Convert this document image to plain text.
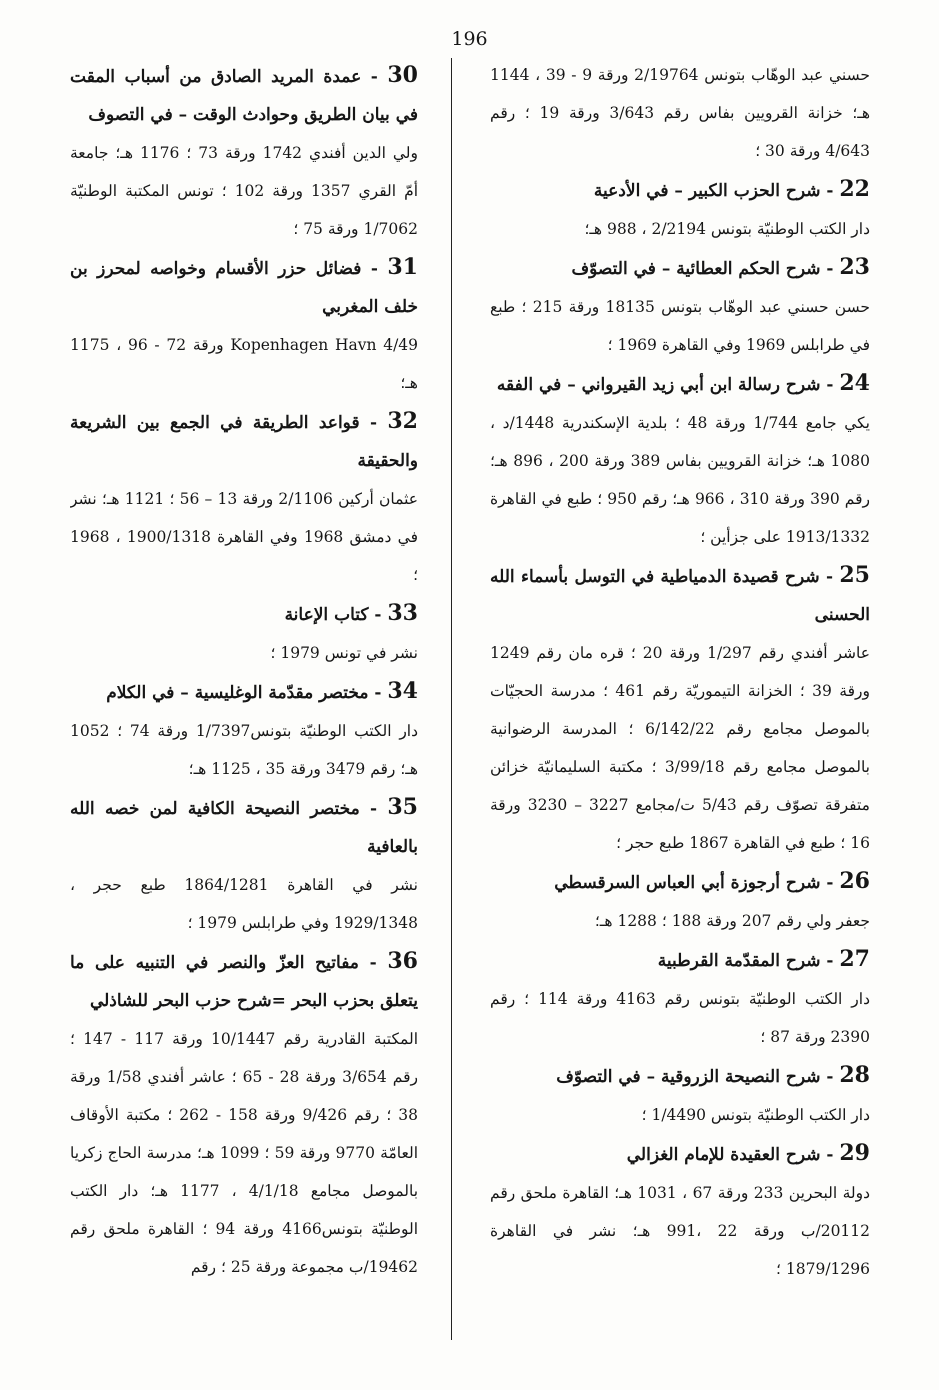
196

حسني عبد الوهّاب بتونس 2/19764 ورقة 9 - 39 ، 1144 هـ؛ خزانة القرويين بفاس رقم 3/643 ورقة 19 ؛ رقم 4/643 ورقة 30 ؛

22 - شرح الحزب الكبير – في الأدعية

دار الكتب الوطنيّة بتونس 2/2194 ، 988 هـ؛

23 - شرح الحكم العطائية – في التصوّف

حسن حسني عبد الوهّاب بتونس 18135 ورقة 215 ؛ طبع في طرابلس 1969 وفي القاهرة 1969 ؛

24 - شرح رسالة ابن أبي زيد القيرواني – في الفقه

يكي جامع 1/744 ورقة 48 ؛ بلدية الإسكندرية 1448/د ، 1080 هـ؛ خزانة القرويين بفاس 389 ورقة 200 ، 896 هـ؛ رقم 390 ورقة 310 ، 966 هـ؛ رقم 950 ؛ طبع في القاهرة 1913/1332 على جزأين ؛

25 - شرح قصيدة الدمياطية في التوسل بأسماء الله الحسنى

عاشر أفندي رقم 1/297 ورقة 20 ؛ قره مان رقم 1249 ورقة 39 ؛ الخزانة التيموريّة رقم 461 ؛ مدرسة الحجيّات بالموصل مجامع رقم 6/142/22 ؛ المدرسة الرضوانية بالموصل مجامع رقم 3/99/18 ؛ مكتبة السليمانيّة خزائن متفرقة تصوّف رقم 5/43 ت/مجامع 3227 – 3230 ورقة 16 ؛ طبع في القاهرة 1867 طبع حجر ؛

26 - شرح أرجوزة أبي العباس السرقسطي

جعفر ولي رقم 207 ورقة 188 ؛ 1288 هـ؛

27 - شرح المقدّمة القرطبية

دار الكتب الوطنيّة بتونس رقم 4163 ورقة 114 ؛ رقم 2390 ورقة 87 ؛

28 - شرح النصيحة الزروقية – في التصوّف

دار الكتب الوطنيّة بتونس 1/4490 ؛

29 - شرح العقيدة للإمام الغزالي

دولة البحرين 233 ورقة 67 ، 1031 هـ؛ القاهرة ملحق رقم 20112/ب ورقة 22 ،991 هـ؛ نشر في القاهرة 1879/1296 ؛

30 - عمدة المريد الصادق من أسباب المقت في بيان الطريق وحوادث الوقت – في التصوف

ولي الدين أفندي 1742 ورقة 73 ؛ 1176 هـ؛ جامعة أمّ القري 1357 ورقة 102 ؛ تونس المكتبة الوطنيّة 1/7062 ورقة 75 ؛

31 - فضائل حزر الأقسام وخواصه لمحرز بن خلف المغربي

Kopenhagen Havn 4/49 ورقة 72 - 96 ، 1175 هـ؛

32 - قواعد الطريقة في الجمع بين الشريعة والحقيقة

عثمان أركين 2/1106 ورقة 13 – 56 ؛ 1121 هـ؛ نشر في دمشق 1968 وفي القاهرة 1900/1318 ، 1968 ؛

33 - كتاب الإعانة

نشر في تونس 1979 ؛

34 - مختصر مقدّمة الوغليسية – في الكلام

دار الكتب الوطنيّة بتونس1/7397 ورقة 74 ؛ 1052 هـ؛ رقم 3479 ورقة 35 ، 1125 هـ؛

35 - مختصر النصيحة الكافية لمن خصه الله بالعافية

نشر في القاهرة 1864/1281 طبع حجر ، 1929/1348 وفي طرابلس 1979 ؛

36 - مفاتيح العزّ والنصر في التنبيه على ما يتعلق بحزب البحر =شرح حزب البحر للشاذلي

المكتبة القادرية رقم 10/1447 ورقة 117 - 147 ؛ رقم 3/654 ورقة 28 - 65 ؛ عاشر أفندي 1/58 ورقة 38 ؛ رقم 9/426 ورقة 158 - 262 ؛ مكتبة الأوقاف العامّة 9770 ورقة 59 ؛ 1099 هـ؛ مدرسة الحاج زكريا بالموصل مجامع 4/1/18 ، 1177 هـ؛ دار الكتب الوطنيّة بتونس4166 ورقة 94 ؛ القاهرة ملحق رقم 19462/ب مجموعة ورقة 25 ؛ رقم
